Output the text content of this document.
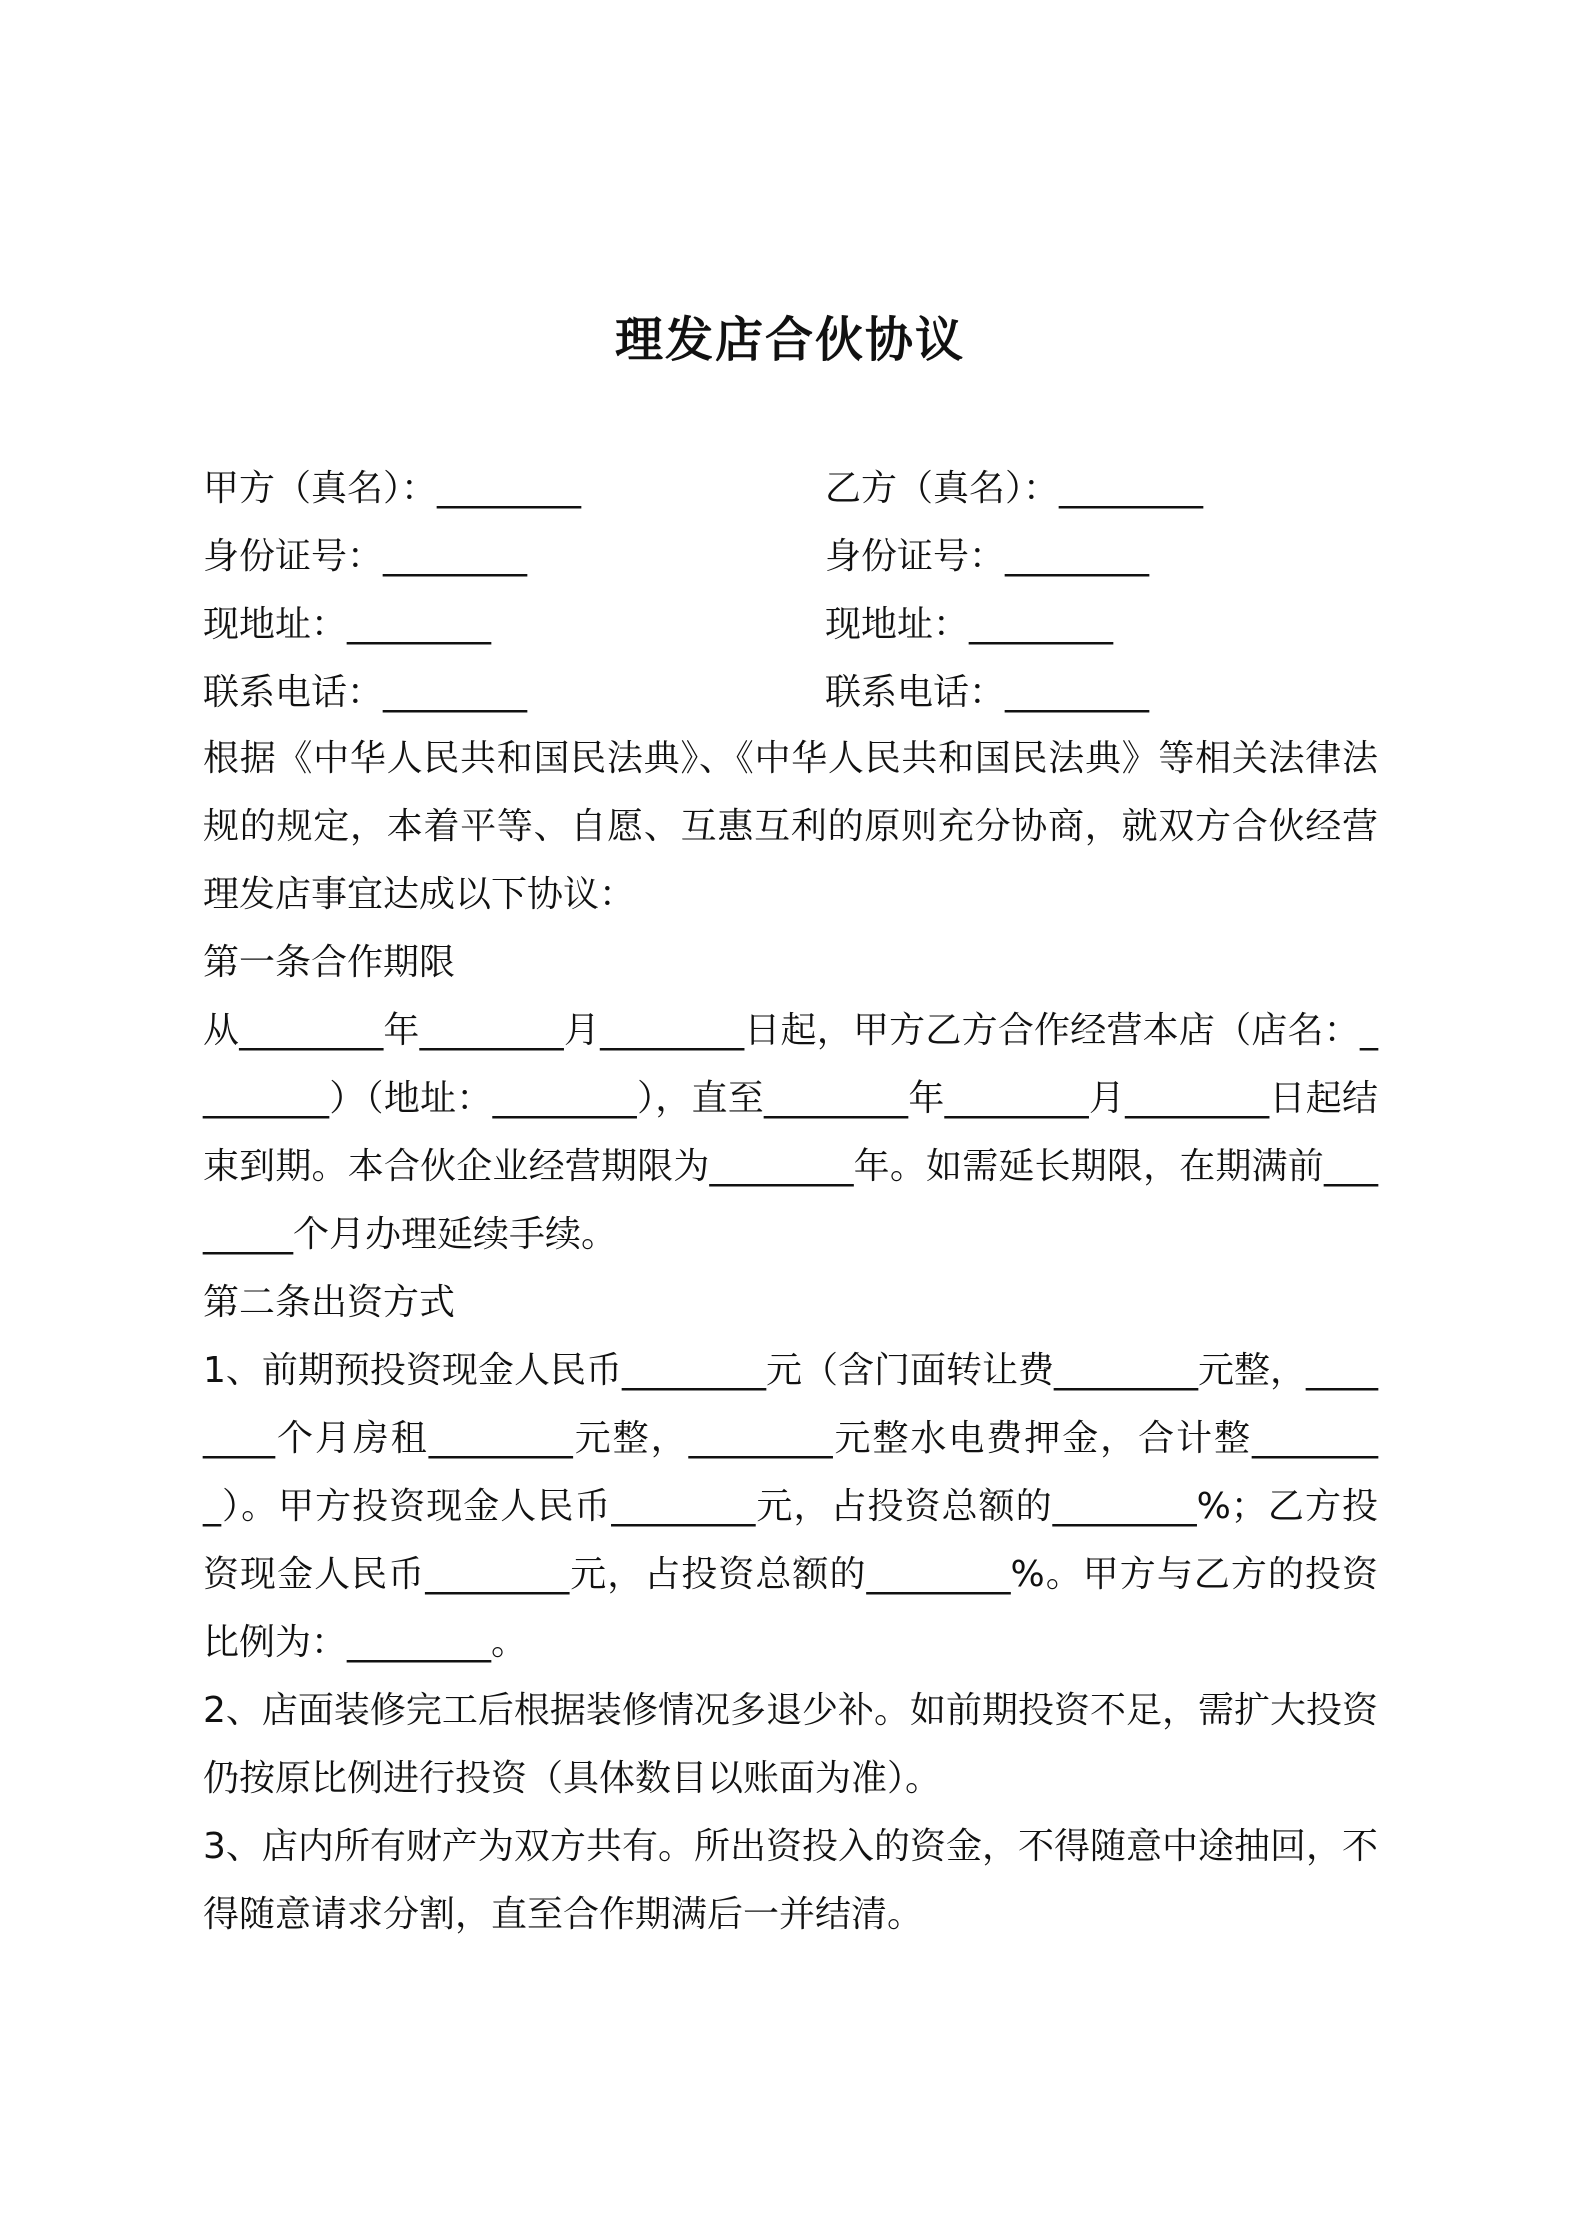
理发店合伙协议
甲方（真名）：________	乙方（真名）：________
身份证号：________	身份证号：________
现地址：________	现地址：________
联系电话：________	联系电话：________

根据《中华人民共和国民法典》、《中华人民共和国民法典》等相关法律法规的规定，本着平等、自愿、互惠互利的原则充分协商，就双方合伙经营理发店事宜达成以下协议：

第一条合作期限

从________年________月________日起，甲方乙方合作经营本店（店名：________）（地址：________），直至________年________月________日起结束到期。本合伙企业经营期限为________年。如需延长期限，在期满前________个月办理延续手续。

第二条出资方式

1、前期预投资现金人民币________元（含门面转让费________元整，________个月房租________元整，________元整水电费押金，合计整________）。甲方投资现金人民币________元，占投资总额的________%；乙方投资现金人民币________元，占投资总额的________%。甲方与乙方的投资比例为：________。

2、店面装修完工后根据装修情况多退少补。如前期投资不足，需扩大投资仍按原比例进行投资（具体数目以账面为准）。

3、店内所有财产为双方共有。所出资投入的资金，不得随意中途抽回，不得随意请求分割，直至合作期满后一并结清。
